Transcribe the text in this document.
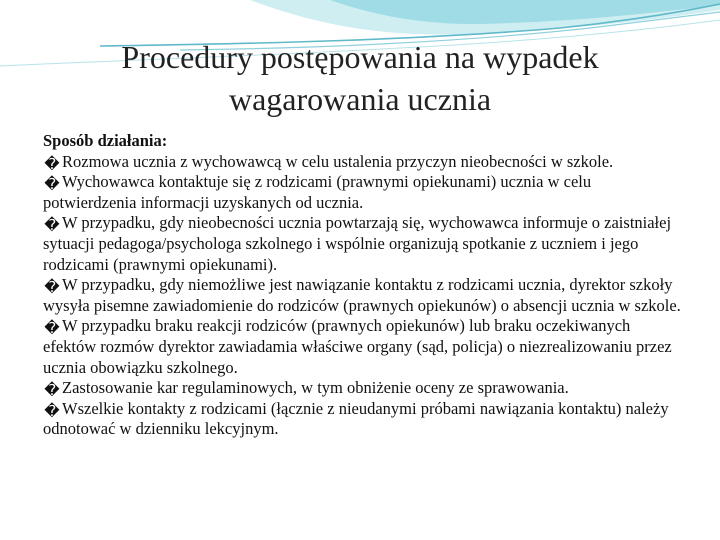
Procedury postępowania na wypadek
wagarowania ucznia
Sposób działania:
� Rozmowa ucznia z wychowawcą w celu ustalenia przyczyn nieobecności w szkole.
� Wychowawca kontaktuje się z rodzicami (prawnymi opiekunami) ucznia w celu potwierdzenia informacji uzyskanych od ucznia.
� W przypadku, gdy nieobecności ucznia powtarzają się, wychowawca informuje o zaistniałej sytuacji pedagoga/psychologa szkolnego i wspólnie organizują spotkanie z uczniem i jego rodzicami (prawnymi opiekunami).
� W przypadku, gdy niemożliwe jest nawiązanie kontaktu z rodzicami ucznia, dyrektor szkoły wysyła pisemne zawiadomienie do rodziców (prawnych opiekunów) o absencji ucznia w szkole.
� W przypadku braku reakcji rodziców (prawnych opiekunów) lub braku oczekiwanych efektów rozmów dyrektor zawiadamia właściwe organy (sąd, policja) o niezrealizowaniu przez ucznia obowiązku szkolnego.
� Zastosowanie kar regulaminowych, w tym obniżenie oceny ze sprawowania.
� Wszelkie kontakty z rodzicami (łącznie z nieudanymi próbami nawiązania kontaktu) należy odnotować w dzienniku lekcyjnym.
